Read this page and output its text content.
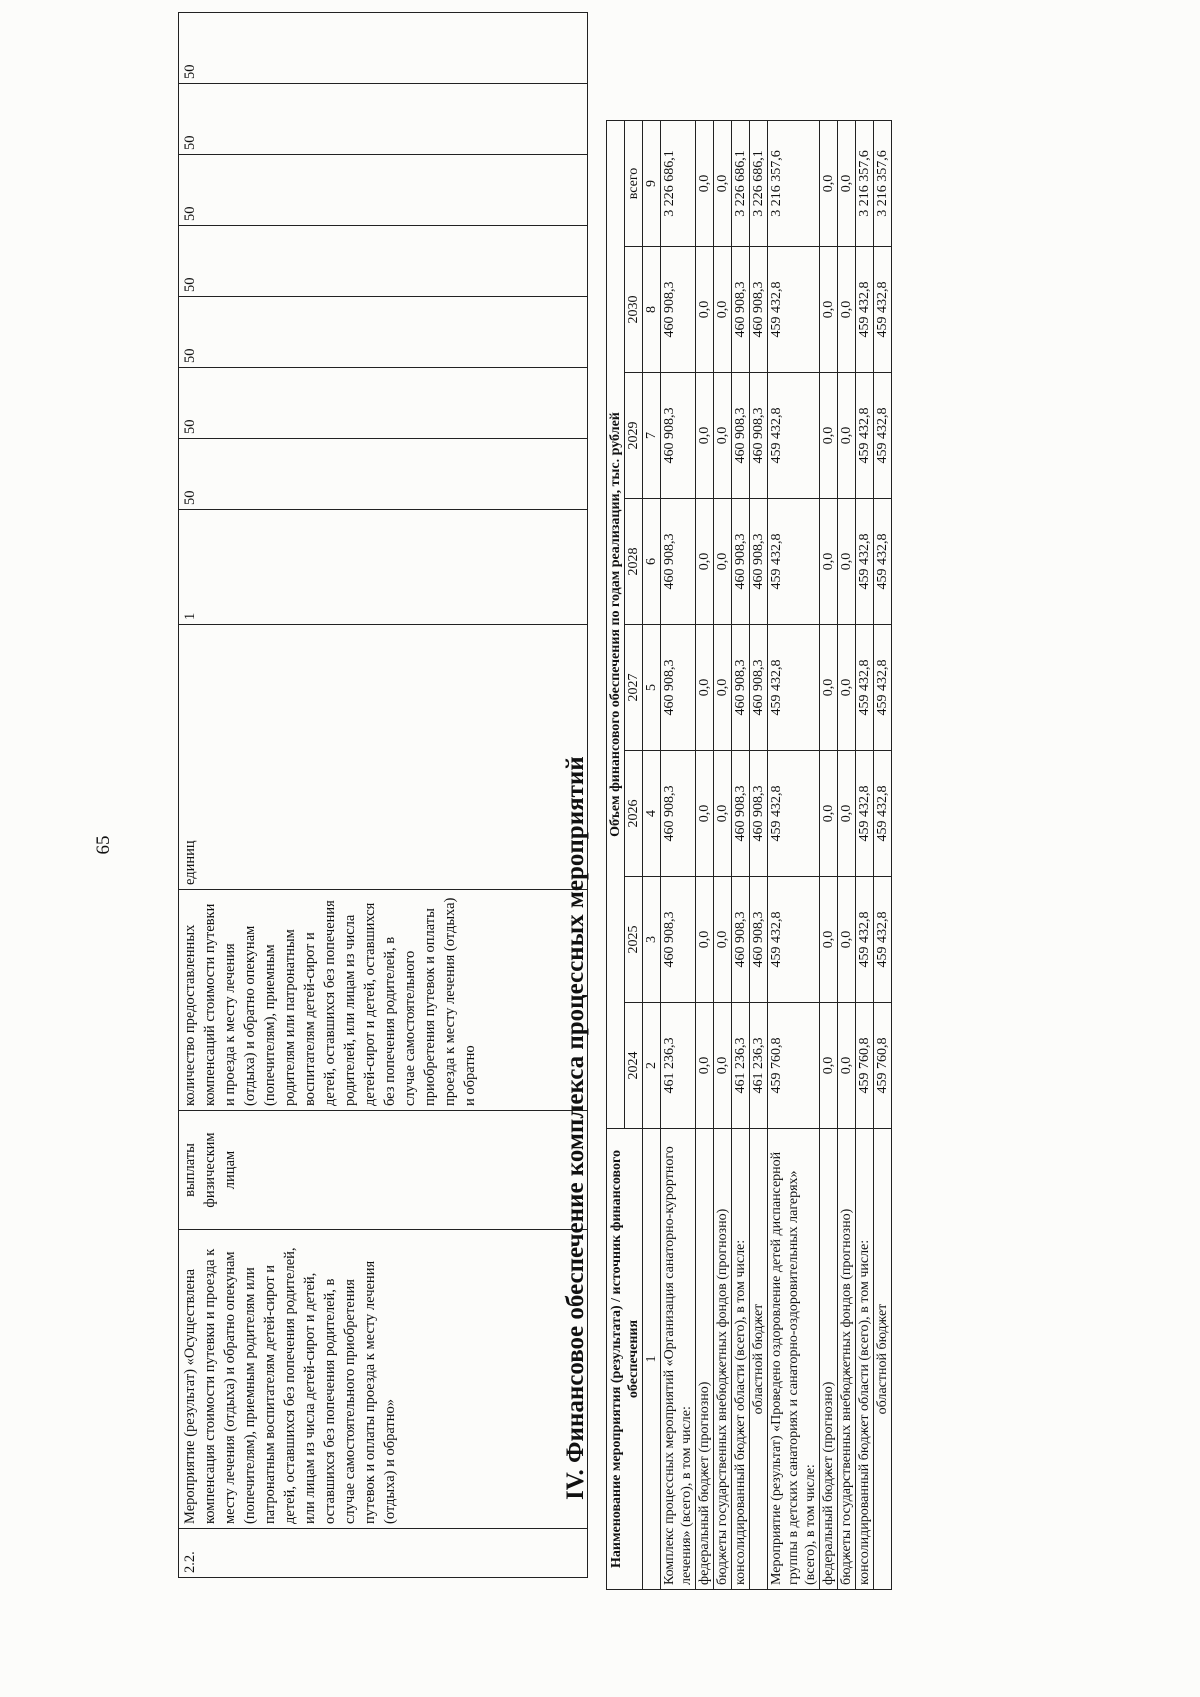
65
2.2.	Мероприятие (результат) «Осуществлена компенсация стоимости путевки и проезда к месту лечения (отдыха) и обратно опекунам (попечителям), приемным родителям или патронатным воспитателям детей-сирот и детей, оставшихся без попечения родителей, или лицам из числа детей-сирот и детей, оставшихся без попечения родителей, в случае самостоятельного приобретения путевок и оплаты проезда к месту лечения (отдыха) и обратно»	выплаты физическим лицам	количество предоставленных компенсаций стоимости путевки и проезда к месту лечения (отдыха) и обратно опекунам (попечителям), приемным родителям или патронатным воспитателям детей-сирот и детей, оставшихся без попечения родителей, или лицам из числа детей-сирот и детей, оставшихся без попечения родителей, в случае самостоятельного приобретения путевок и оплаты проезда к месту лечения (отдыха) и обратно	единиц	1	50	50	50	50	50	50	50
IV. Финансовое обеспечение комплекса процессных мероприятий	Наименование мероприятия (результата) / источник финансового обеспечения	Объем финансового обеспечения по годам реализации, тыс. рублей							
	2024	2025	2026	2027	2028	2029	2030	всего
1	2	3	4	5	6	7	8	9
Комплекс процессных мероприятий «Организация санаторно-курортного лечения» (всего), в том числе:	461 236,3	460 908,3	460 908,3	460 908,3	460 908,3	460 908,3	460 908,3	3 226 686,1
федеральный бюджет (прогнозно)	0,0	0,0	0,0	0,0	0,0	0,0	0,0	0,0
бюджеты государственных внебюджетных фондов (прогнозно)	0,0	0,0	0,0	0,0	0,0	0,0	0,0	0,0
консолидированный бюджет области (всего), в том числе:	461 236,3	460 908,3	460 908,3	460 908,3	460 908,3	460 908,3	460 908,3	3 226 686,1
областной бюджет	461 236,3	460 908,3	460 908,3	460 908,3	460 908,3	460 908,3	460 908,3	3 226 686,1
Мероприятие (результат) «Проведено оздоровление детей диспансерной группы в детских санаториях и санаторно-оздоровительных лагерях» (всего), в том числе:	459 760,8	459 432,8	459 432,8	459 432,8	459 432,8	459 432,8	459 432,8	3 216 357,6
федеральный бюджет (прогнозно)	0,0	0,0	0,0	0,0	0,0	0,0	0,0	0,0
бюджеты государственных внебюджетных фондов (прогнозно)	0,0	0,0	0,0	0,0	0,0	0,0	0,0	0,0
консолидированный бюджет области (всего), в том числе:	459 760,8	459 432,8	459 432,8	459 432,8	459 432,8	459 432,8	459 432,8	3 216 357,6
областной бюджет	459 760,8	459 432,8	459 432,8	459 432,8	459 432,8	459 432,8	459 432,8	3 216 357,6
